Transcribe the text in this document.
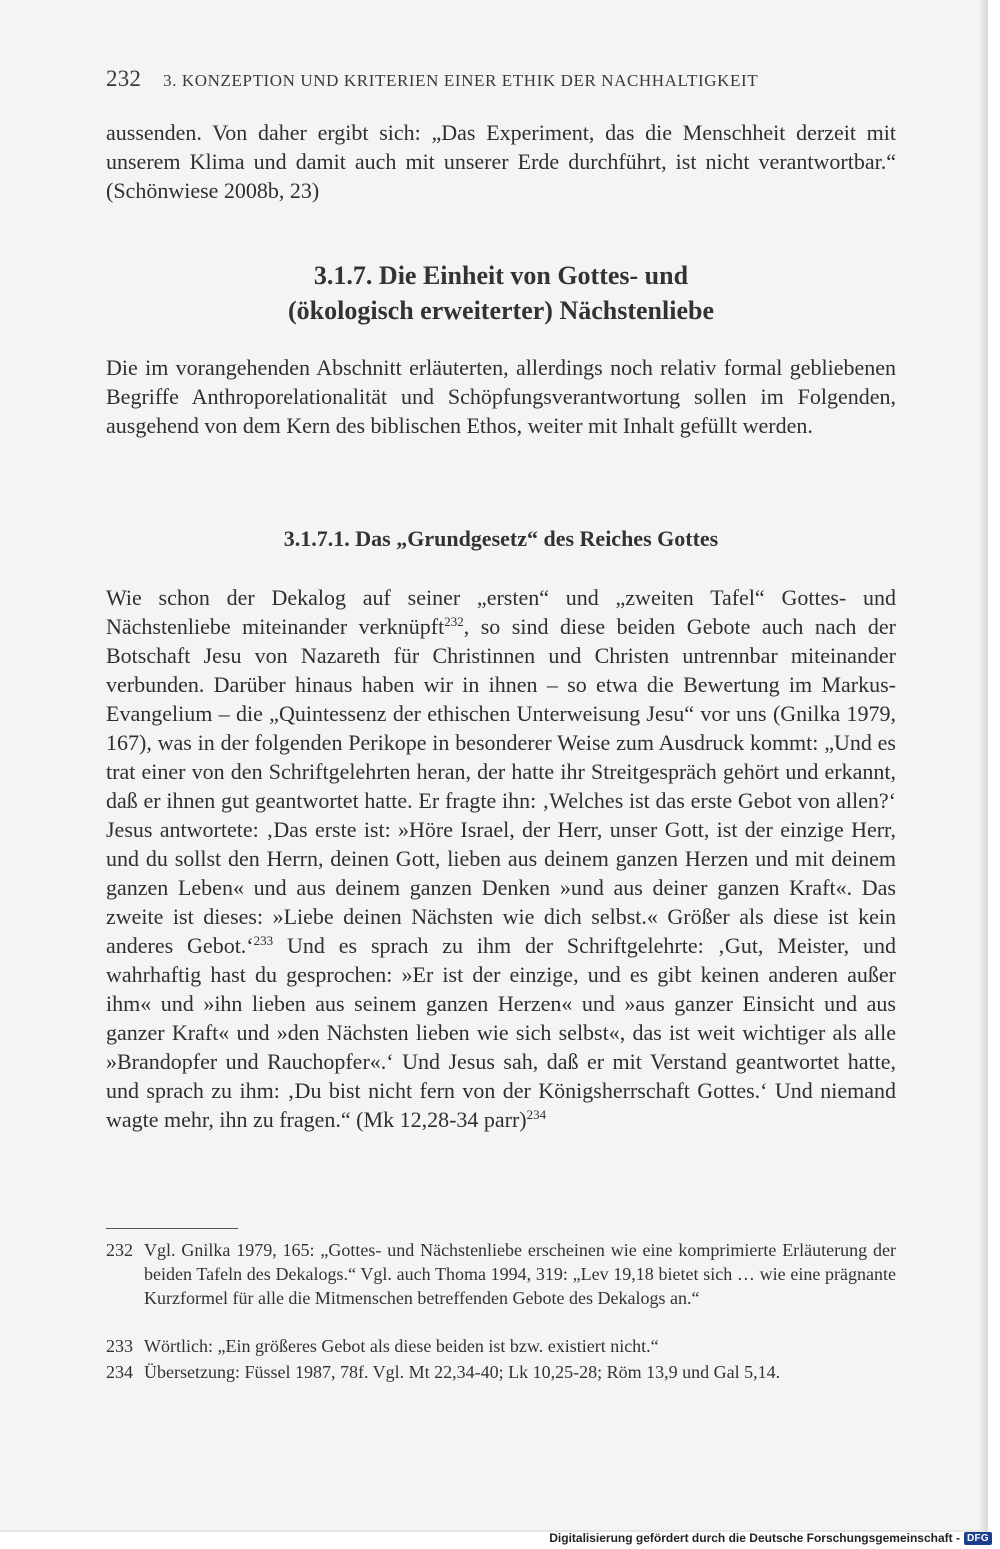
232 3. KONZEPTION UND KRITERIEN EINER ETHIK DER NACHHALTIGKEIT

aussenden. Von daher ergibt sich: „Das Experiment, das die Menschheit derzeit mit unserem Klima und damit auch mit unserer Erde durchführt, ist nicht verantwortbar.“ (Schönwiese 2008b, 23)

3.1.7. Die Einheit von Gottes- und
(ökologisch erweiterter) Nächstenliebe

Die im vorangehenden Abschnitt erläuterten, allerdings noch relativ formal gebliebenen Begriffe Anthroporelationalität und Schöpfungsverantwortung sollen im Folgenden, ausgehend von dem Kern des biblischen Ethos, weiter mit Inhalt gefüllt werden.

3.1.7.1. Das „Grundgesetz“ des Reiches Gottes

Wie schon der Dekalog auf seiner „ersten“ und „zweiten Tafel“ Gottes- und Nächstenliebe miteinander verknüpft$^{232}$, so sind diese beiden Gebote auch nach der Botschaft Jesu von Nazareth für Christinnen und Christen untrennbar miteinander verbunden. Darüber hinaus haben wir in ihnen – so etwa die Bewertung im Markus-Evangelium – die „Quintessenz der ethischen Unterweisung Jesu“ vor uns (Gnilka 1979, 167), was in der folgenden Perikope in besonderer Weise zum Ausdruck kommt: „Und es trat einer von den Schriftgelehrten heran, der hatte ihr Streitgespräch gehört und erkannt, daß er ihnen gut geantwortet hatte. Er fragte ihn: ‚Welches ist das erste Gebot von allen?‘ Jesus antwortete: ‚Das erste ist: »Höre Israel, der Herr, unser Gott, ist der einzige Herr, und du sollst den Herrn, deinen Gott, lieben aus deinem ganzen Herzen und mit deinem ganzen Leben« und aus deinem ganzen Denken »und aus deiner ganzen Kraft«. Das zweite ist dieses: »Liebe deinen Nächsten wie dich selbst.« Größer als diese ist kein anderes Gebot.‘$^{233}$ Und es sprach zu ihm der Schriftgelehrte: ‚Gut, Meister, und wahrhaftig hast du gesprochen: »Er ist der einzige, und es gibt keinen anderen außer ihm« und »ihn lieben aus seinem ganzen Herzen« und »aus ganzer Einsicht und aus ganzer Kraft« und »den Nächsten lieben wie sich selbst«, das ist weit wichtiger als alle »Brandopfer und Rauchopfer«.‘ Und Jesus sah, daß er mit Verstand geantwortet hatte, und sprach zu ihm: ‚Du bist nicht fern von der Königsherrschaft Gottes.‘ Und niemand wagte mehr, ihn zu fragen.“ (Mk 12,28-34 parr)$^{234}$

232 Vgl. Gnilka 1979, 165: „Gottes- und Nächstenliebe erscheinen wie eine komprimierte Erläuterung der beiden Tafeln des Dekalogs.“ Vgl. auch Thoma 1994, 319: „Lev 19,18 bietet sich … wie eine prägnante Kurzformel für alle die Mitmenschen betreffenden Gebote des Dekalogs an.“
233 Wörtlich: „Ein größeres Gebot als diese beiden ist bzw. existiert nicht.“
234 Übersetzung: Füssel 1987, 78f. Vgl. Mt 22,34-40; Lk 10,25-28; Röm 13,9 und Gal 5,14.
Digitalisierung gefördert durch die Deutsche Forschungsgemeinschaft - DFG
